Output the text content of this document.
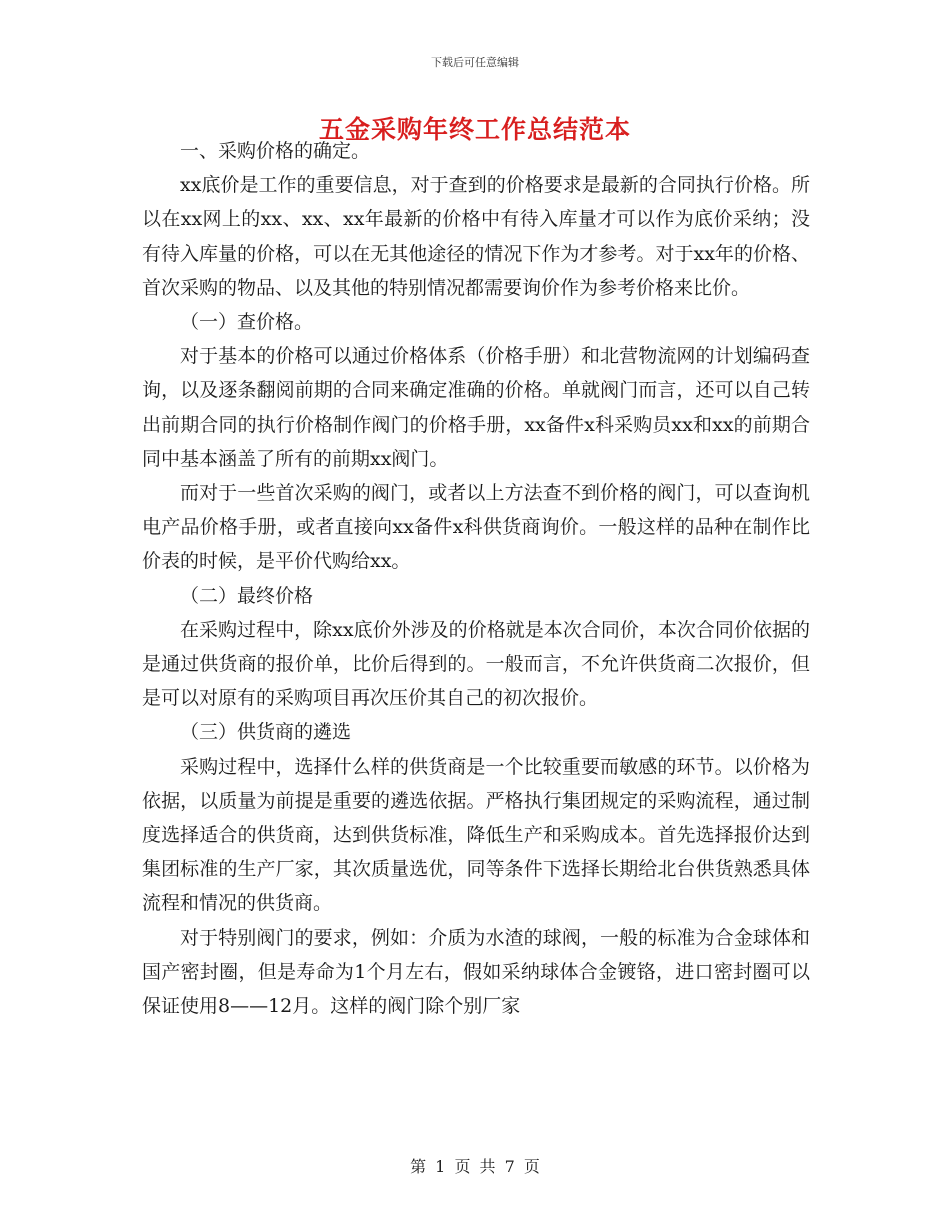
下载后可任意编辑
五金采购年终工作总结范本

一、采购价格的确定。

xx底价是工作的重要信息，对于查到的价格要求是最新的合同执行价格。所以在xx网上的xx、xx、xx年最新的价格中有待入库量才可以作为底价采纳；没有待入库量的价格，可以在无其他途径的情况下作为才参考。对于xx年的价格、首次采购的物品、以及其他的特别情况都需要询价作为参考价格来比价。

（一）查价格。

对于基本的价格可以通过价格体系（价格手册）和北营物流网的计划编码查询，以及逐条翻阅前期的合同来确定准确的价格。单就阀门而言，还可以自己转出前期合同的执行价格制作阀门的价格手册，xx备件x科采购员xx和xx的前期合同中基本涵盖了所有的前期xx阀门。

而对于一些首次采购的阀门，或者以上方法查不到价格的阀门，可以查询机电产品价格手册，或者直接向xx备件x科供货商询价。一般这样的品种在制作比价表的时候，是平价代购给xx。

（二）最终价格

在采购过程中，除xx底价外涉及的价格就是本次合同价，本次合同价依据的是通过供货商的报价单，比价后得到的。一般而言，不允许供货商二次报价，但是可以对原有的采购项目再次压价其自己的初次报价。

（三）供货商的遴选

采购过程中，选择什么样的供货商是一个比较重要而敏感的环节。以价格为依据，以质量为前提是重要的遴选依据。严格执行集团规定的采购流程，通过制度选择适合的供货商，达到供货标准，降低生产和采购成本。首先选择报价达到集团标准的生产厂家，其次质量选优，同等条件下选择长期给北台供货熟悉具体流程和情况的供货商。

对于特别阀门的要求，例如：介质为水渣的球阀，一般的标准为合金球体和国产密封圈，但是寿命为1个月左右，假如采纳球体合金镀铬，进口密封圈可以保证使用8——12月。这样的阀门除个别厂家

第 1 页 共 7 页
